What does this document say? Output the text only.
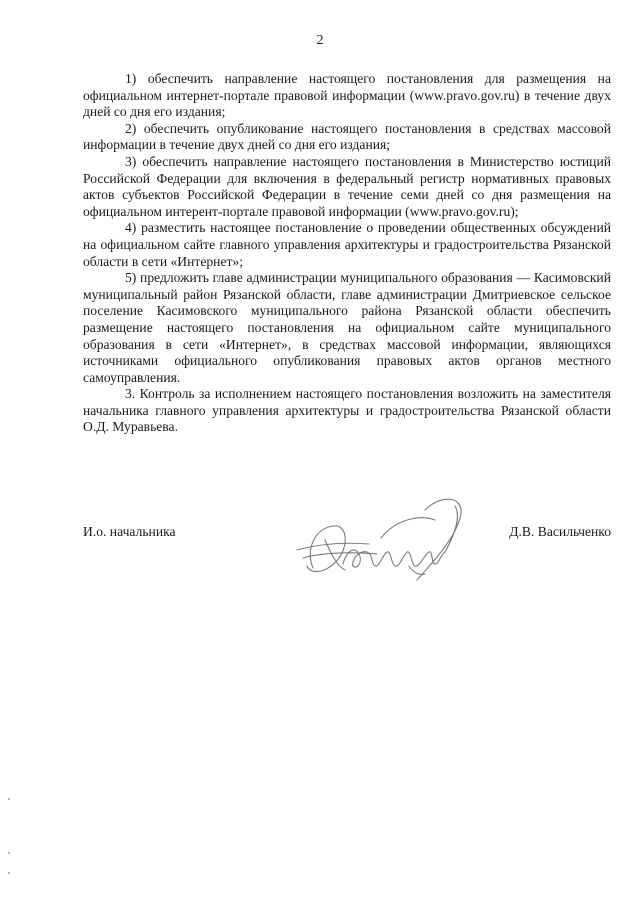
2

1) обеспечить направление настоящего постановления для размещения на официальном интернет-портале правовой информации (www.pravo.gov.ru) в течение двух дней со дня его издания;

2) обеспечить опубликование настоящего постановления в средствах массовой информации в течение двух дней со дня его издания;

3) обеспечить направление настоящего постановления в Министерство юстиций Российской Федерации для включения в федеральный регистр нормативных правовых актов субъектов Российской Федерации в течение семи дней со дня размещения на официальном интерент-портале правовой информации (www.pravo.gov.ru);

4) разместить настоящее постановление о проведении общественных обсуждений на официальном сайте главного управления архитектуры и градостроительства Рязанской области в сети «Интернет»;

5) предложить главе администрации муниципального образования — Касимовский муниципальный район Рязанской области, главе администрации Дмитриевское сельское поселение Касимовского муниципального района Рязанской области обеспечить размещение настоящего постановления на официальном сайте муниципального образования в сети «Интернет», в средствах массовой информации, являющихся источниками официального опубликования правовых актов органов местного самоуправления.

3. Контроль за исполнением настоящего постановления возложить на заместителя начальника главного управления архитектуры и градостроительства Рязанской области О.Д. Муравьева.

И.о. начальника	Д.В. Васильченко
